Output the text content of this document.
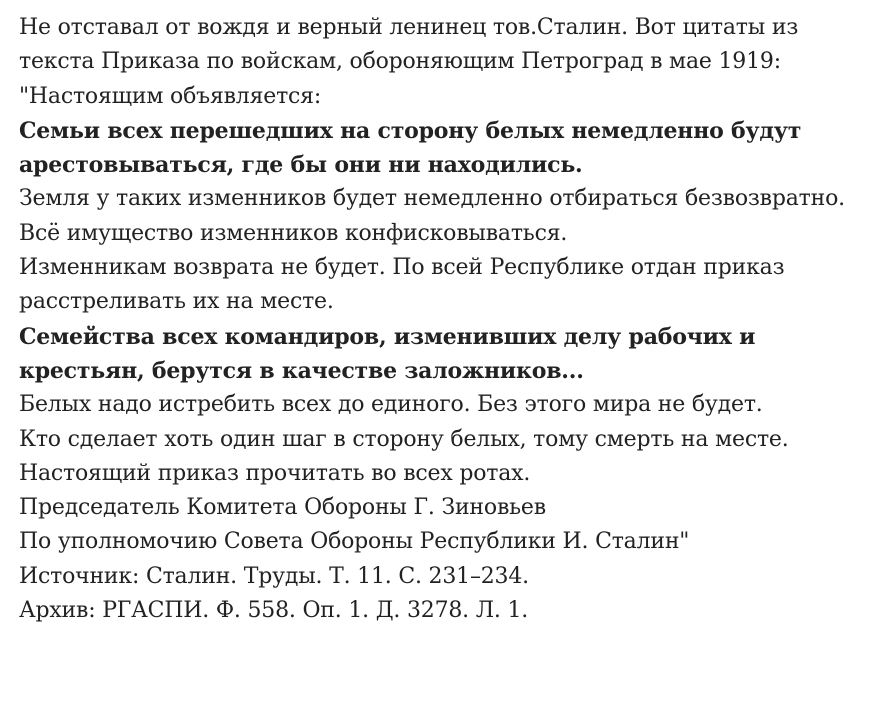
Не отставал от вождя и верный ленинец тов.Сталин. Вот цитаты из текста Приказа по войскам, обороняющим Петроград в мае 1919:

"Настоящим объявляется:

Семьи всех перешедших на сторону белых немедленно будут арестовываться, где бы они ни находились.

Земля у таких изменников будет немедленно отбираться безвозвратно.

Всё имущество изменников конфисковываться.

Изменникам возврата не будет. По всей Республике отдан приказ расстреливать их на месте.

Семейства всех командиров, изменивших делу рабочих и крестьян, берутся в качестве заложников...

Белых надо истребить всех до единого. Без этого мира не будет.

Кто сделает хоть один шаг в сторону белых, тому смерть на месте.

Настоящий приказ прочитать во всех ротах.

Председатель Комитета Обороны Г. Зиновьев

По уполномочию Совета Обороны Республики И. Сталин"

Источник: Сталин. Труды. Т. 11. С. 231–234.

Архив: РГАСПИ. Ф. 558. Оп. 1. Д. 3278. Л. 1.
